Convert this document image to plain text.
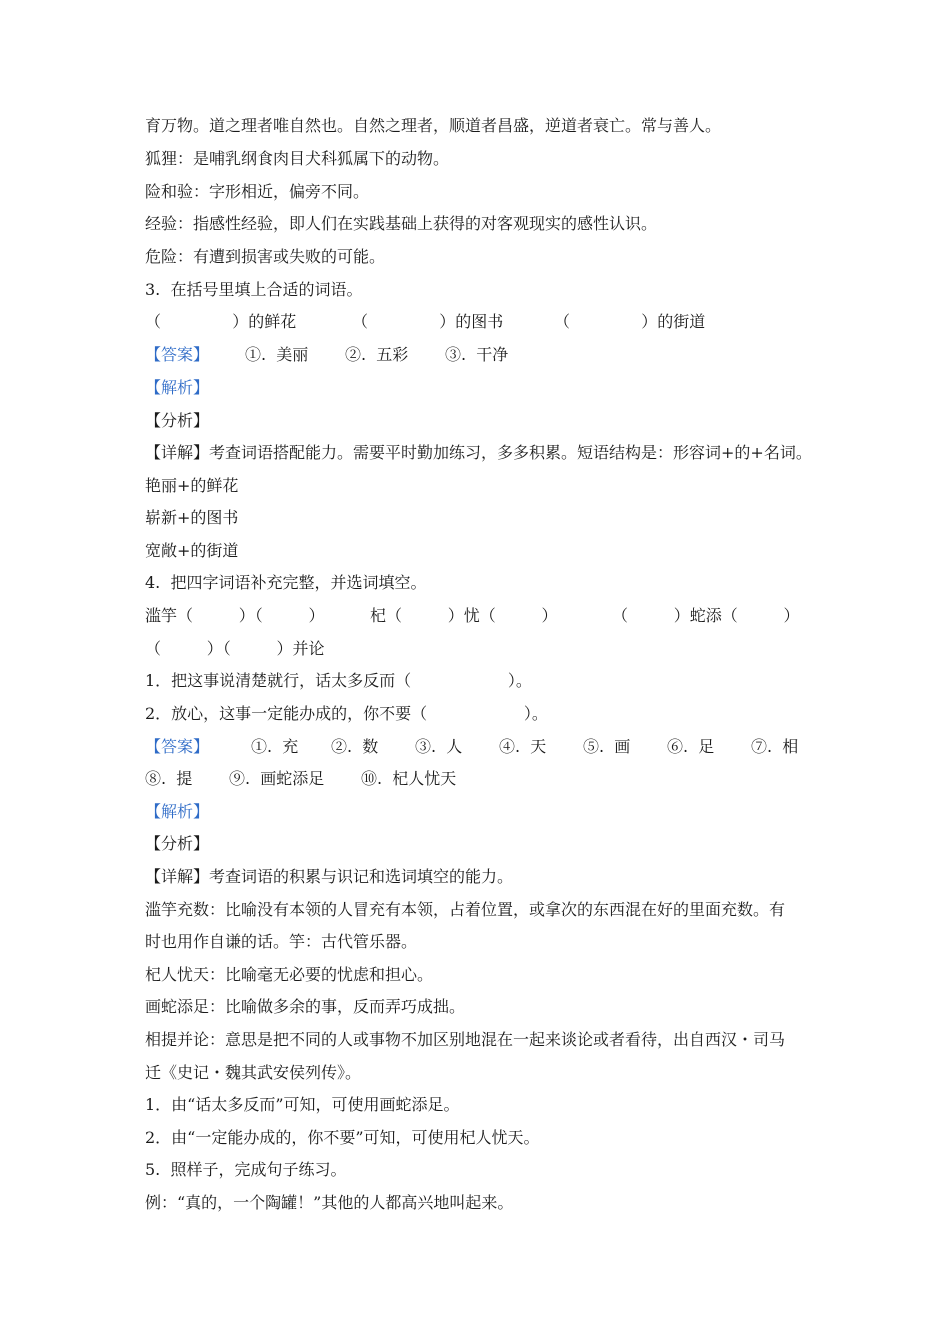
育万物。道之理者唯自然也。自然之理者，顺道者昌盛，逆道者衰亡。常与善人。
狐狸：是哺乳纲食肉目犬科狐属下的动物。
险和验：字形相近，偏旁不同。
经验：指感性经验，即人们在实践基础上获得的对客观现实的感性认识。
危险：有遭到损害或失败的可能。
3.  在括号里填上合适的词语。

（              ）的鲜花

	（              ）的图书

	（              ）的街道

【答案】

①.  美丽

②.  五彩

③.  干净

【解析】
【分析】
【详解】考查词语搭配能力。需要平时勤加练习，多多积累。短语结构是：形容词+的+名词。
艳丽+的鲜花
崭新+的图书
宽敞+的街道
4.  把四字词语补充完整，并选词填空。

滥竽（         ）（         ）

	杞（         ）忧（         ）

	（         ）蛇添（         ）

（         ）（         ）并论
1．把这事说清楚就行，话太多反而（                   ）。
2．放心，这事一定能办成的，你不要（                   ）。

【答案】

	①.  充

②.  数

③.  人

④.  天

⑤.  画

⑥.  足

⑦.  相

⑧.  提

⑨.  画蛇添足

⑩.  杞人忧天

【解析】
【分析】
【详解】考查词语的积累与识记和选词填空的能力。
滥竽充数：比喻没有本领的人冒充有本领，占着位置，或拿次的东西混在好的里面充数。有
时也用作自谦的话。竽：古代管乐器。
杞人忧天：比喻毫无必要的忧虑和担心。
画蛇添足：比喻做多余的事，反而弄巧成拙。
相提并论：意思是把不同的人或事物不加区别地混在一起来谈论或者看待，出自西汉・司马
迁《史记・魏其武安侯列传》。
1．由“话太多反而”可知，可使用画蛇添足。
2．由“一定能办成的，你不要”可知，可使用杞人忧天。
5.  照样子，完成句子练习。
例：“真的，一个陶罐！”其他的人都高兴地叫起来。
